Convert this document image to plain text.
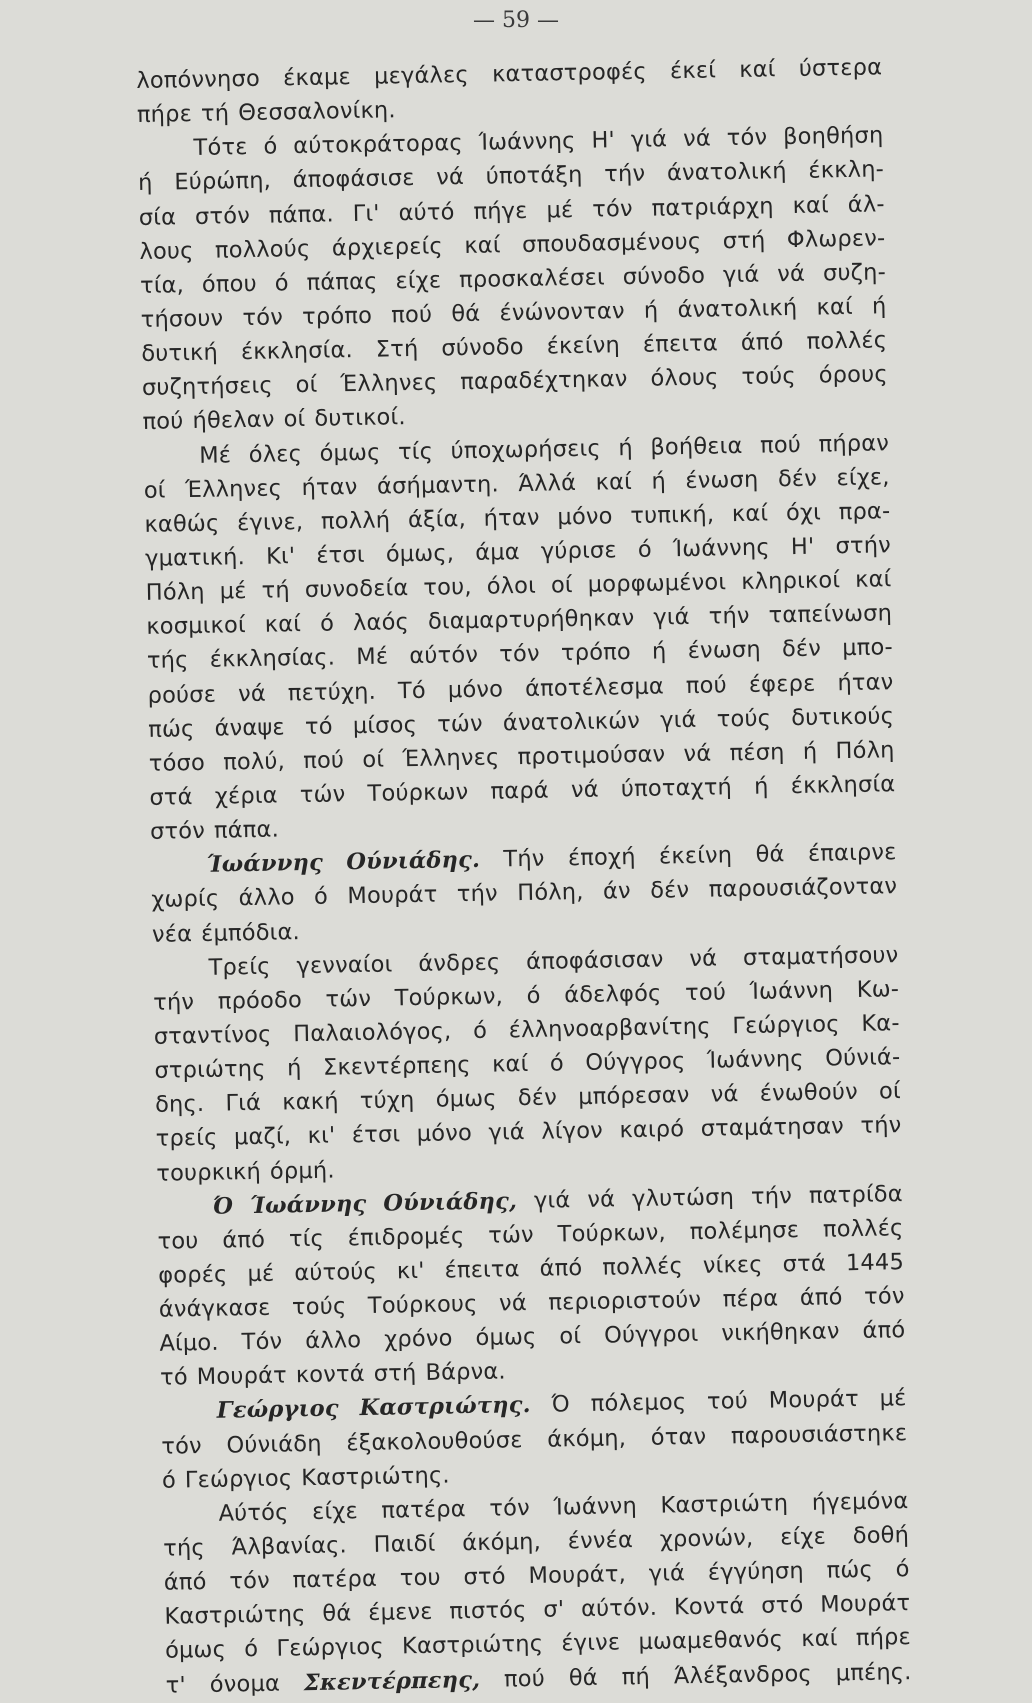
— 59 —

λοπόννησο έκαμε μεγάλες καταστροφές έκεί καί ύστερα
πήρε τή Θεσσαλονίκη.
Τότε ό αύτοκράτορας Ίωάννης Η' γιά νά τόν βοηθήση
ή Εύρώπη, άποφάσισε νά ύποτάξη τήν άνατολική έκκλη-
σία στόν πάπα. Γι' αύτό πήγε μέ τόν πατριάρχη καί άλ-
λους πολλούς άρχιερείς καί σπουδασμένους στή Φλωρεν-
τία, όπου ό πάπας είχε προσκαλέσει σύνοδο γιά νά συζη-
τήσουν τόν τρόπο πού θά ένώνονταν ή άνατολική καί ή
δυτική έκκλησία. Στή σύνοδο έκείνη έπειτα άπό πολλές
συζητήσεις οί Έλληνες παραδέχτηκαν όλους τούς όρους
πού ήθελαν οί δυτικοί.
Μέ όλες όμως τίς ύποχωρήσεις ή βοήθεια πού πήραν
οί Έλληνες ήταν άσήμαντη. Άλλά καί ή ένωση δέν είχε,
καθώς έγινε, πολλή άξία, ήταν μόνο τυπική, καί όχι πρα-
γματική. Κι' έτσι όμως, άμα γύρισε ό Ίωάννης Η' στήν
Πόλη μέ τή συνοδεία του, όλοι οί μορφωμένοι κληρικοί καί
κοσμικοί καί ό λαός διαμαρτυρήθηκαν γιά τήν ταπείνωση
τής έκκλησίας. Μέ αύτόν τόν τρόπο ή ένωση δέν μπο-
ρούσε νά πετύχη. Τό μόνο άποτέλεσμα πού έφερε ήταν
πώς άναψε τό μίσος τών άνατολικών γιά τούς δυτικούς
τόσο πολύ, πού οί Έλληνες προτιμούσαν νά πέση ή Πόλη
στά χέρια τών Τούρκων παρά νά ύποταχτή ή έκκλησία
στόν πάπα.
Ίωάννης Ούνιάδης. Τήν έποχή έκείνη θά έπαιρνε
χωρίς άλλο ό Μουράτ τήν Πόλη, άν δέν παρουσιάζονταν
νέα έμπόδια.
Τρείς γενναίοι άνδρες άποφάσισαν νά σταματήσουν
τήν πρόοδο τών Τούρκων, ό άδελφός τού Ίωάννη Κω-
σταντίνος Παλαιολόγος, ό έλληνοαρβανίτης Γεώργιος Κα-
στριώτης ή Σκεντέρπεης καί ό Ούγγρος Ίωάννης Ούνιά-
δης. Γιά κακή τύχη όμως δέν μπόρεσαν νά ένωθούν οί
τρείς μαζί, κι' έτσι μόνο γιά λίγον καιρό σταμάτησαν τήν
τουρκική όρμή.
Ό Ίωάννης Ούνιάδης, γιά νά γλυτώση τήν πατρίδα
του άπό τίς έπιδρομές τών Τούρκων, πολέμησε πολλές
φορές μέ αύτούς κι' έπειτα άπό πολλές νίκες στά 1445
άνάγκασε τούς Τούρκους νά περιοριστούν πέρα άπό τόν
Αίμο. Τόν άλλο χρόνο όμως οί Ούγγροι νικήθηκαν άπό
τό Μουράτ κοντά στή Βάρνα.
Γεώργιος Καστριώτης. Ό πόλεμος τού Μουράτ μέ
τόν Ούνιάδη έξακολουθούσε άκόμη, όταν παρουσιάστηκε
ό Γεώργιος Καστριώτης.
Αύτός είχε πατέρα τόν Ίωάννη Καστριώτη ήγεμόνα
τής Άλβανίας. Παιδί άκόμη, έννέα χρονών, είχε δοθή
άπό τόν πατέρα του στό Μουράτ, γιά έγγύηση πώς ό
Καστριώτης θά έμενε πιστός σ' αύτόν. Κοντά στό Μουράτ
όμως ό Γεώργιος Καστριώτης έγινε μωαμεθανός καί πήρε
τ' όνομα Σκεντέρπεης, πού θά πή Άλέξανδρος μπέης.
